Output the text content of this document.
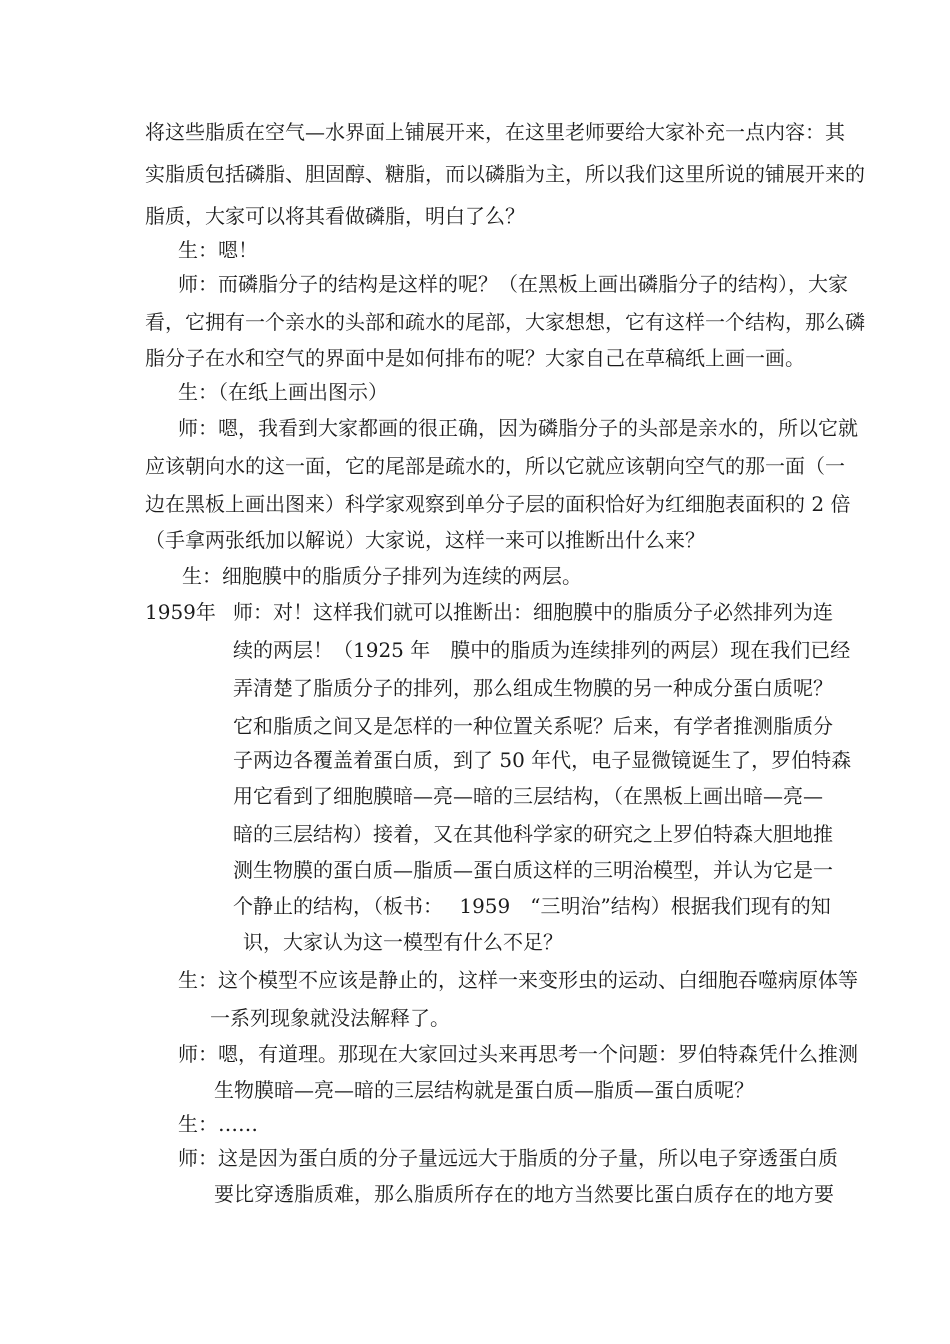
将这些脂质在空气—水界面上铺展开来，在这里老师要给大家补充一点内容：其

实脂质包括磷脂、胆固醇、糖脂，而以磷脂为主，所以我们这里所说的铺展开来的

脂质，大家可以将其看做磷脂，明白了么？

生：嗯！

师：而磷脂分子的结构是这样的呢？（在黑板上画出磷脂分子的结构），大家

看，它拥有一个亲水的头部和疏水的尾部，大家想想，它有这样一个结构，那么磷

脂分子在水和空气的界面中是如何排布的呢？大家自己在草稿纸上画一画。

生：（在纸上画出图示）

师：嗯，我看到大家都画的很正确，因为磷脂分子的头部是亲水的，所以它就

应该朝向水的这一面，它的尾部是疏水的，所以它就应该朝向空气的那一面（一

边在黑板上画出图来）科学家观察到单分子层的面积恰好为红细胞表面积的 2 倍

（手拿两张纸加以解说）大家说，这样一来可以推断出什么来？

生：细胞膜中的脂质分子排列为连续的两层。

1959年 师：对！这样我们就可以推断出：细胞膜中的脂质分子必然排列为连

续的两层！（1925 年　膜中的脂质为连续排列的两层）现在我们已经

弄清楚了脂质分子的排列，那么组成生物膜的另一种成分蛋白质呢？

它和脂质之间又是怎样的一种位置关系呢？后来，有学者推测脂质分

子两边各覆盖着蛋白质，到了 50 年代，电子显微镜诞生了，罗伯特森

用它看到了细胞膜暗—亮—暗的三层结构，（在黑板上画出暗—亮—

暗的三层结构）接着，又在其他科学家的研究之上罗伯特森大胆地推

测生物膜的蛋白质—脂质—蛋白质这样的三明治模型，并认为它是一

个静止的结构，（板书：　 1959　“三明治”结构）根据我们现有的知

识，大家认为这一模型有什么不足？

生：这个模型不应该是静止的，这样一来变形虫的运动、白细胞吞噬病原体等

一系列现象就没法解释了。

师：嗯，有道理。那现在大家回过头来再思考一个问题：罗伯特森凭什么推测

生物膜暗—亮—暗的三层结构就是蛋白质—脂质—蛋白质呢？

生：……

师：这是因为蛋白质的分子量远远大于脂质的分子量，所以电子穿透蛋白质

要比穿透脂质难，那么脂质所存在的地方当然要比蛋白质存在的地方要
